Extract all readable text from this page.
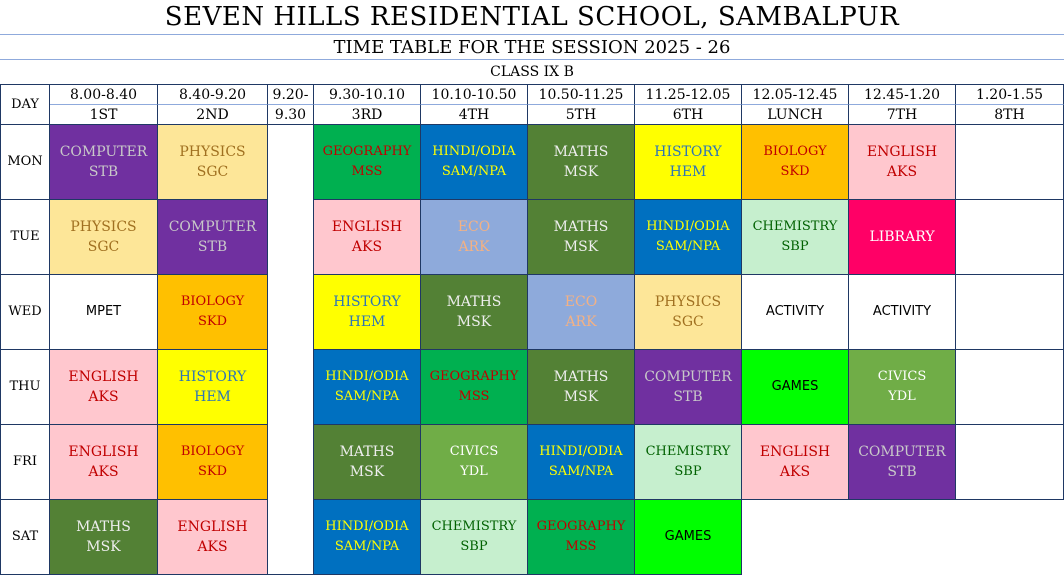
SEVEN HILLS RESIDENTIAL SCHOOL, SAMBALPUR
TIME TABLE FOR THE SESSION 2025 - 26
CLASS IX B
DAY
8.00-8.40
1ST
8.40-9.20
2ND
9.20-
9.30
9.30-10.10
3RD
10.10-10.50
4TH
10.50-11.25
5TH
11.25-12.05
6TH
12.05-12.45
LUNCH
12.45-1.20
7TH
1.20-1.55
8TH
MON
COMPUTER
STB
PHYSICS
SGC
GEOGRAPHY
MSS
HINDI/ODIA
SAM/NPA
MATHS
MSK
HISTORY
HEM
BIOLOGY
SKD
ENGLISH
AKS
TUE
PHYSICS
SGC
COMPUTER
STB
ENGLISH
AKS
ECO
ARK
MATHS
MSK
HINDI/ODIA
SAM/NPA
CHEMISTRY
SBP
LIBRARY
WED	MPET
BIOLOGY
SKD
HISTORY
HEM
MATHS
MSK
ECO
ARK
PHYSICS
SGC
ACTIVITY	ACTIVITY
THU
ENGLISH
AKS
HISTORY
HEM
HINDI/ODIA
SAM/NPA
GEOGRAPHY
MSS
MATHS
MSK
COMPUTER
STB
GAMES
CIVICS
YDL
FRI
ENGLISH
AKS
BIOLOGY
SKD
MATHS
MSK
CIVICS
YDL
HINDI/ODIA
SAM/NPA
CHEMISTRY
SBP
ENGLISH
AKS
COMPUTER
STB
SAT
MATHS
MSK
ENGLISH
AKS
HINDI/ODIA
SAM/NPA
CHEMISTRY
SBP
GEOGRAPHY
MSS
GAMES
